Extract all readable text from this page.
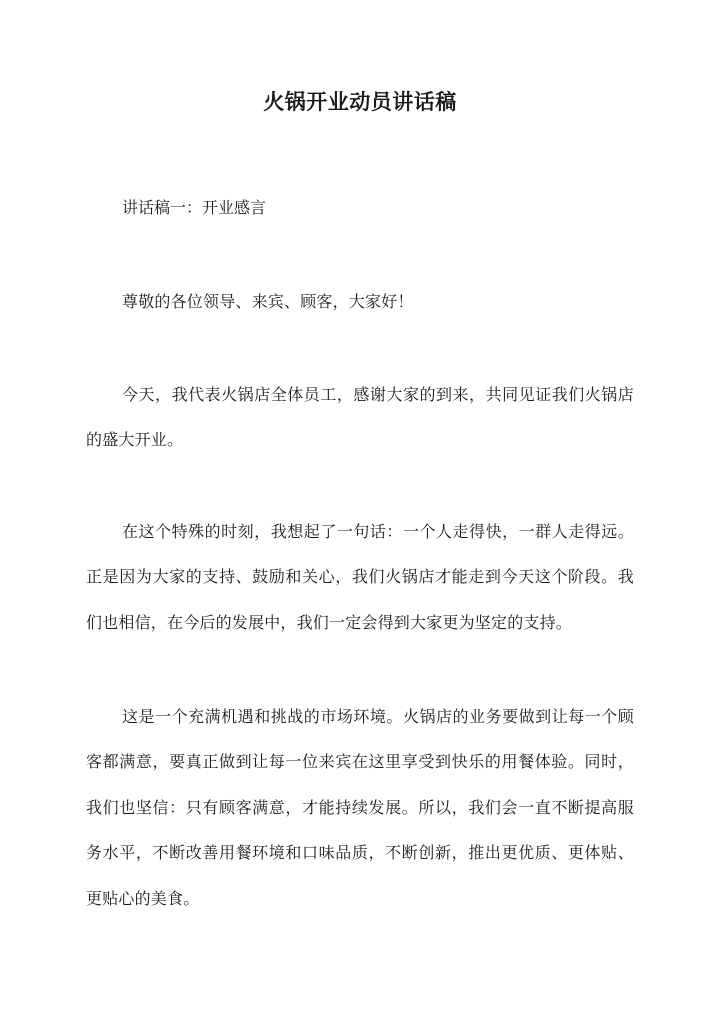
火锅开业动员讲话稿

讲话稿一：开业感言

尊敬的各位领导、来宾、顾客，大家好！

今天，我代表火锅店全体员工，感谢大家的到来，共同见证我们火锅店的盛大开业。

在这个特殊的时刻，我想起了一句话：一个人走得快，一群人走得远。正是因为大家的支持、鼓励和关心，我们火锅店才能走到今天这个阶段。我们也相信，在今后的发展中，我们一定会得到大家更为坚定的支持。

这是一个充满机遇和挑战的市场环境。火锅店的业务要做到让每一个顾客都满意，要真正做到让每一位来宾在这里享受到快乐的用餐体验。同时，我们也坚信：只有顾客满意，才能持续发展。所以，我们会一直不断提高服务水平，不断改善用餐环境和口味品质，不断创新，推出更优质、更体贴、更贴心的美食。
